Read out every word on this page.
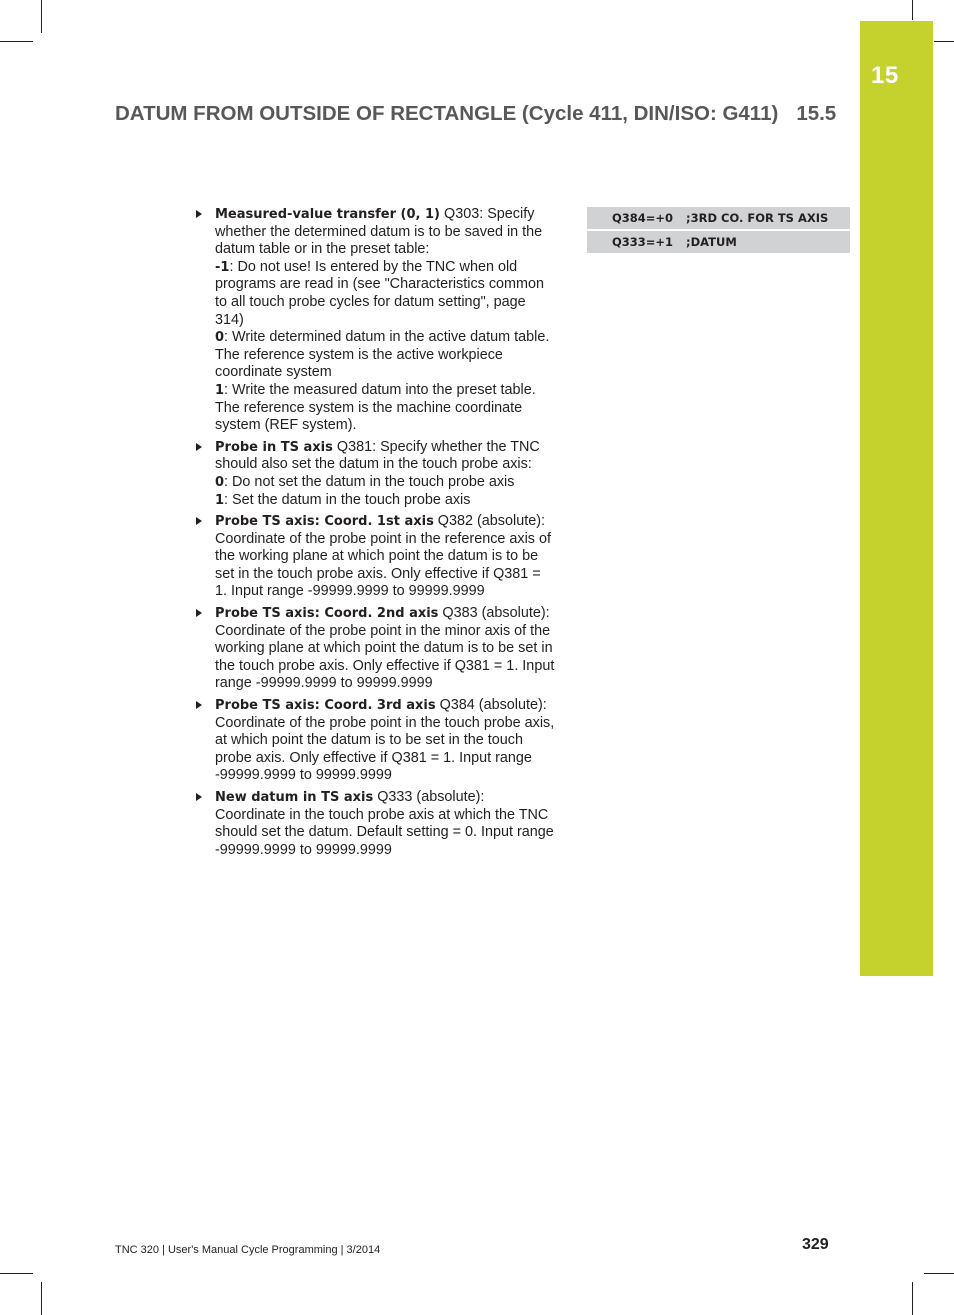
15
DATUM FROM OUTSIDE OF RECTANGLE (Cycle 411, DIN/ISO: G411) 15.5

Measured-value transfer (0, 1) Q303: Specify whether the determined datum is to be saved in the datum table or in the preset table:

-1: Do not use! Is entered by the TNC when old programs are read in (see "Characteristics common to all touch probe cycles for datum setting", page 314)

0: Write determined datum in the active datum table. The reference system is the active workpiece coordinate system

1: Write the measured datum into the preset table. The reference system is the machine coordinate system (REF system).

Probe in TS axis Q381: Specify whether the TNC should also set the datum in the touch probe axis:

0: Do not set the datum in the touch probe axis

1: Set the datum in the touch probe axis

Probe TS axis: Coord. 1st axis Q382 (absolute): Coordinate of the probe point in the reference axis of the working plane at which point the datum is to be set in the touch probe axis. Only effective if Q381 = 1. Input range -99999.9999 to 99999.9999

Probe TS axis: Coord. 2nd axis Q383 (absolute): Coordinate of the probe point in the minor axis of the working plane at which point the datum is to be set in the touch probe axis. Only effective if Q381 = 1. Input range -99999.9999 to 99999.9999

Probe TS axis: Coord. 3rd axis Q384 (absolute): Coordinate of the probe point in the touch probe axis, at which point the datum is to be set in the touch probe axis. Only effective if Q381 = 1. Input range -99999.9999 to 99999.9999

New datum in TS axis Q333 (absolute): Coordinate in the touch probe axis at which the TNC should set the datum. Default setting = 0. Input range -99999.9999 to 99999.9999

Q384=+0	;3RD CO. FOR TS AXIS
Q333=+1	;DATUM
TNC 320 | User's Manual Cycle Programming | 3/2014	329
